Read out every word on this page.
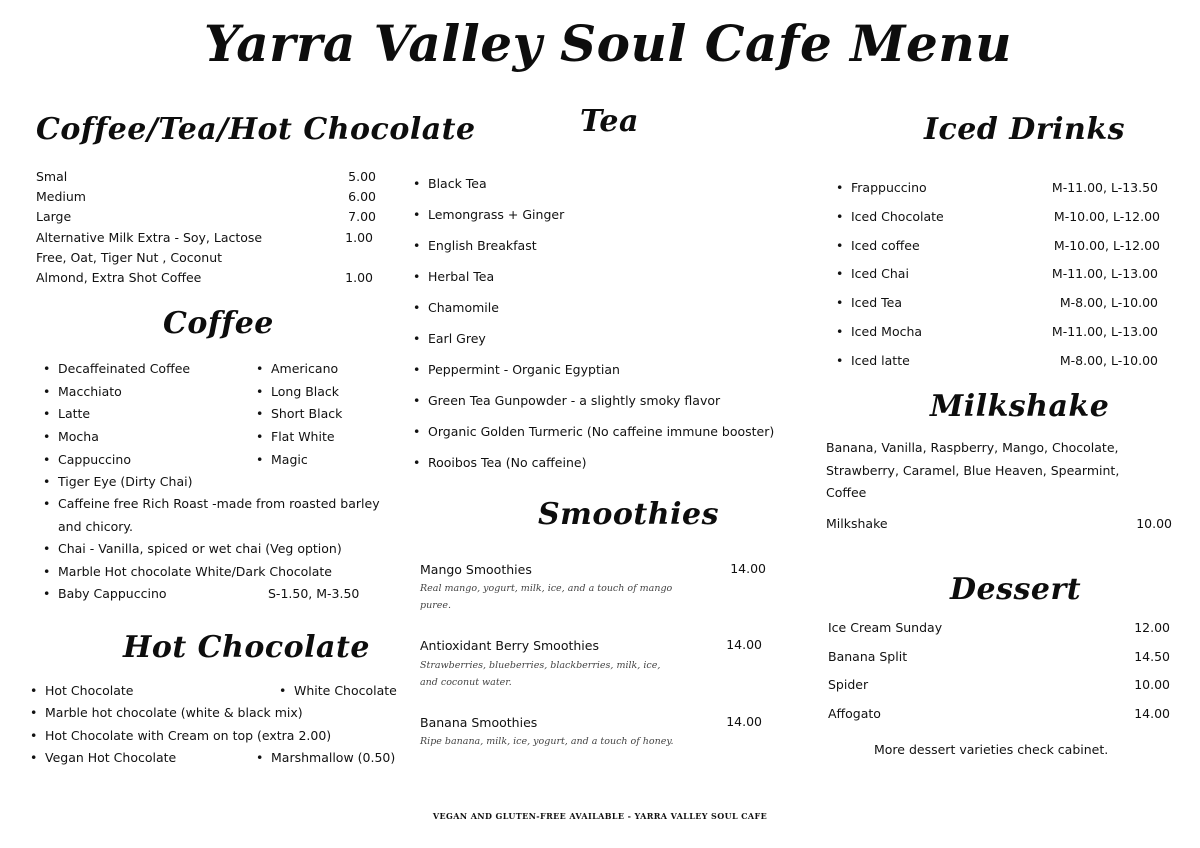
Yarra Valley Soul Cafe Menu
Coffee/Tea/Hot Chocolate
Smal	5.00
Medium	6.00
Large	7.00
Alternative Milk Extra - Soy, Lactose	1.00
Free, Oat, Tiger Nut , Coconut
Almond, Extra Shot Coffee	1.00
Coffee
• Decaffeinated Coffee
• Macchiato
• Latte
• Mocha
• Cappuccino
• Americano
• Long Black
• Short Black
• Flat White
• Magic
• Tiger Eye (Dirty Chai)
• Caffeine free Rich Roast -made from roasted barley
and chicory.
• Chai - Vanilla, spiced or wet chai (Veg option)
• Marble Hot chocolate White/Dark Chocolate
• Baby Cappuccino	S-1.50, M-3.50
Hot Chocolate
• Hot Chocolate	• White Chocolate
• Marble hot chocolate (white & black mix)
• Hot Chocolate with Cream on top (extra 2.00)
• Vegan Hot Chocolate	• Marshmallow (0.50)
Tea
• Black Tea
• Lemongrass + Ginger
• English Breakfast
• Herbal Tea
• Chamomile
• Earl Grey
• Peppermint - Organic Egyptian
• Green Tea Gunpowder - a slightly smoky flavor
• Organic Golden Turmeric (No caffeine immune booster)
• Rooibos Tea (No caffeine)
Smoothies
Mango Smoothies	14.00
Real mango, yogurt, milk, ice, and a touch of mango
puree.
Antioxidant Berry Smoothies	14.00
Strawberries, blueberries, blackberries, milk, ice,
and coconut water.
Banana Smoothies	14.00
Ripe banana, milk, ice, yogurt, and a touch of honey.
Iced Drinks
• Frappuccino	M-11.00, L-13.50
• Iced Chocolate	M-10.00, L-12.00
• Iced coffee	M-10.00, L-12.00
• Iced Chai	M-11.00, L-13.00
• Iced Tea	M-8.00, L-10.00
• Iced Mocha	M-11.00, L-13.00
• Iced latte	M-8.00, L-10.00
Milkshake
Banana, Vanilla, Raspberry, Mango, Chocolate,
Strawberry, Caramel, Blue Heaven, Spearmint,
Coffee
Milkshake	10.00
Dessert
Ice Cream Sunday	12.00
Banana Split	14.50
Spider	10.00
Affogato	14.00
More dessert varieties check cabinet.
VEGAN AND GLUTEN-FREE AVAILABLE - YARRA VALLEY SOUL CAFE
